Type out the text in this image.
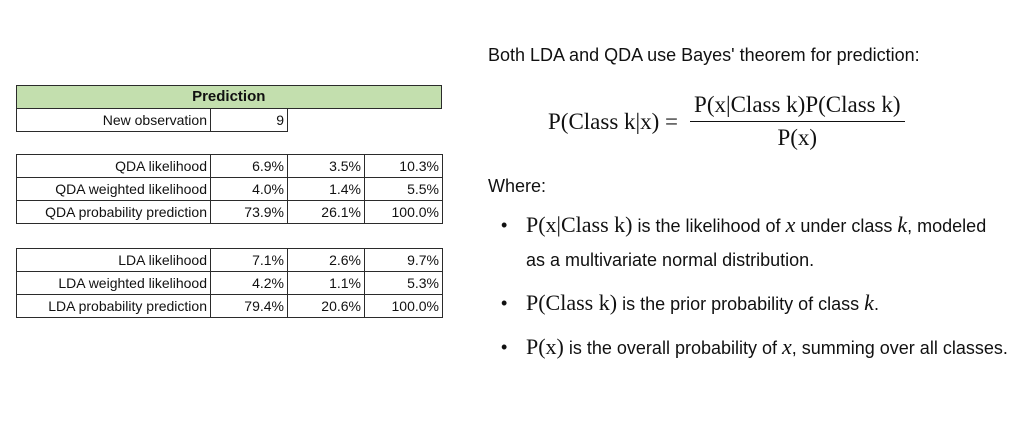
Prediction
New observation	9		
QDA likelihood	6.9%	3.5%	10.3%
QDA weighted likelihood	4.0%	1.4%	5.5%
QDA probability prediction	73.9%	26.1%	100.0%
LDA likelihood	7.1%	2.6%	9.7%
LDA weighted likelihood	4.2%	1.1%	5.3%
LDA probability prediction	79.4%	20.6%	100.0%
Both LDA and QDA use Bayes' theorem for prediction:
P(Class $k|x) = \frac{\text{P(x|Class k)P(Class k)}}{P(x)}$
Where:
• P(x|Class k) is the likelihood of x under class k, modeled as a multivariate normal distribution.
• P(Class k) is the prior probability of class k.
• P(x) is the overall probability of x, summing over all classes.
